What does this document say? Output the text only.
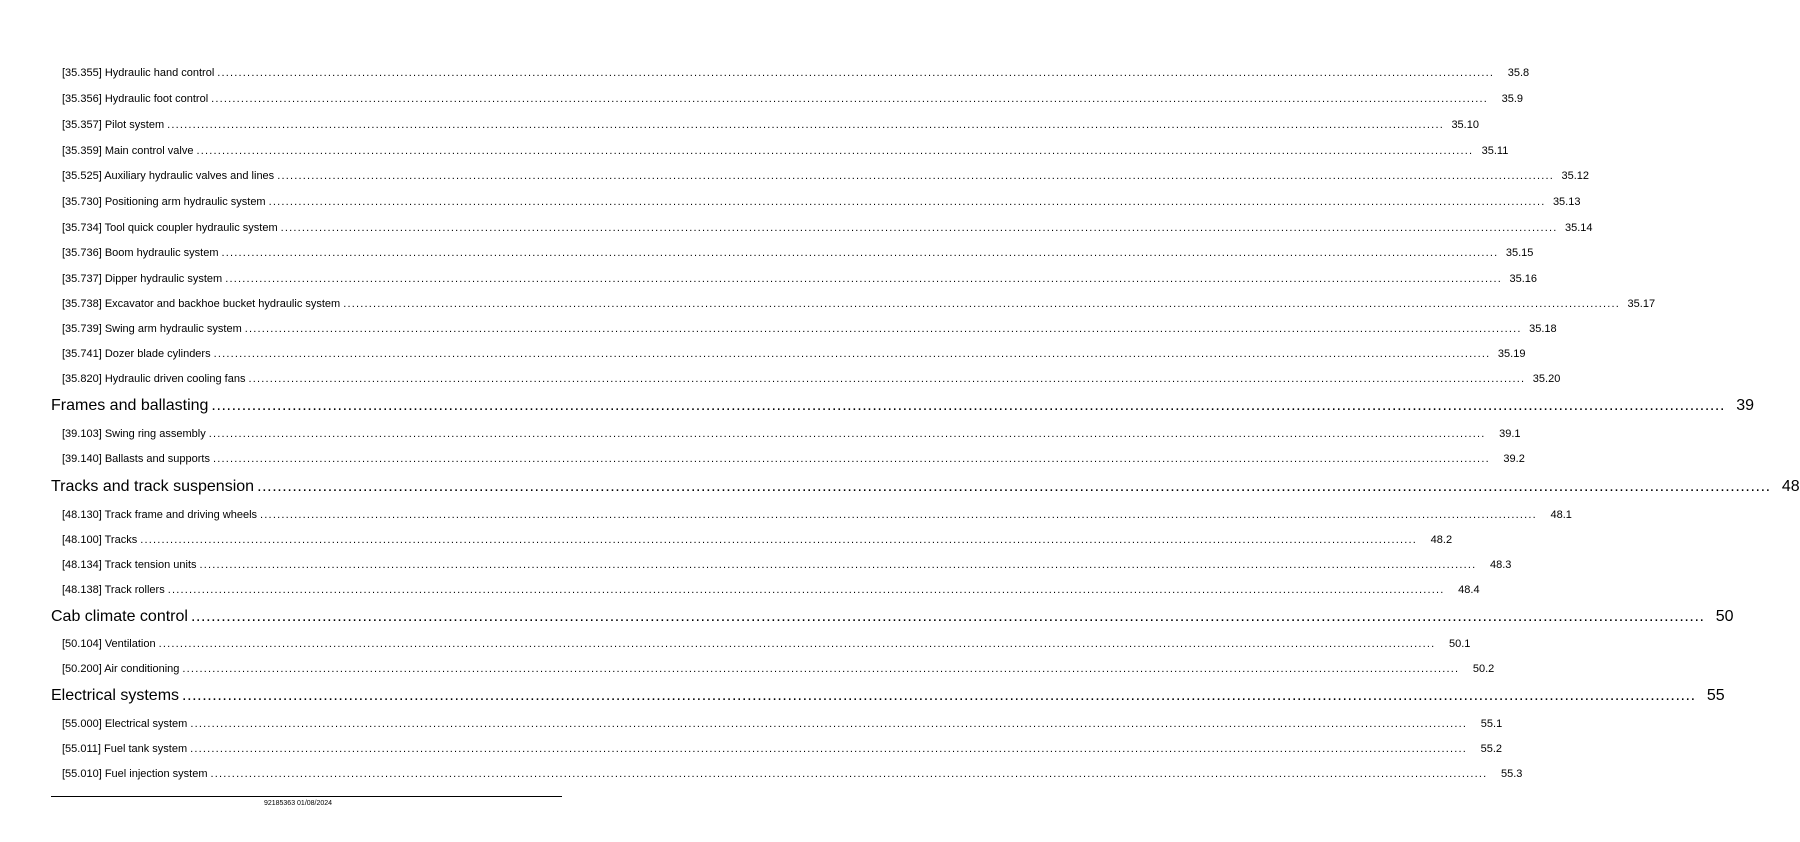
[35.355] Hydraulic hand control ............................................................................................................................................................................................................................................................................................................	35.8
[35.356] Hydraulic foot control ............................................................................................................................................................................................................................................................................................................	35.9
[35.357] Pilot system ............................................................................................................................................................................................................................................................................................................ 35.10
[35.359] Main control valve ............................................................................................................................................................................................................................................................................................................ 35.11
[35.525] Auxiliary hydraulic valves and lines ............................................................................................................................................................................................................................................................................................................ 35.12
[35.730] Positioning arm hydraulic system ............................................................................................................................................................................................................................................................................................................ 35.13
[35.734] Tool quick coupler hydraulic system ............................................................................................................................................................................................................................................................................................................ 35.14
[35.736] Boom hydraulic system ............................................................................................................................................................................................................................................................................................................ 35.15
[35.737] Dipper hydraulic system ............................................................................................................................................................................................................................................................................................................ 35.16
[35.738] Excavator and backhoe bucket hydraulic system ............................................................................................................................................................................................................................................................................................................ 35.17
[35.739] Swing arm hydraulic system ............................................................................................................................................................................................................................................................................................................ 35.18
[35.741] Dozer blade cylinders ............................................................................................................................................................................................................................................................................................................ 35.19
[35.820] Hydraulic driven cooling fans ............................................................................................................................................................................................................................................................................................................ 35.20
Frames and ballasting ............................................................................................................................................................................................................................................................................................................ 39
[39.103] Swing ring assembly ............................................................................................................................................................................................................................................................................................................	39.1
[39.140] Ballasts and supports ............................................................................................................................................................................................................................................................................................................	39.2
Tracks and track suspension ............................................................................................................................................................................................................................................................................................................ 48
[48.130] Track frame and driving wheels ............................................................................................................................................................................................................................................................................................................	48.1
[48.100] Tracks ............................................................................................................................................................................................................................................................................................................	48.2
[48.134] Track tension units ............................................................................................................................................................................................................................................................................................................	48.3
[48.138] Track rollers ............................................................................................................................................................................................................................................................................................................	48.4
Cab climate control ............................................................................................................................................................................................................................................................................................................ 50
[50.104] Ventilation ............................................................................................................................................................................................................................................................................................................	50.1
[50.200] Air conditioning ............................................................................................................................................................................................................................................................................................................	50.2
Electrical systems ............................................................................................................................................................................................................................................................................................................ 55
[55.000] Electrical system ............................................................................................................................................................................................................................................................................................................	55.1
[55.011] Fuel tank system ............................................................................................................................................................................................................................................................................................................	55.2
[55.010] Fuel injection system ............................................................................................................................................................................................................................................................................................................	55.3
92185363 01/08/2024
